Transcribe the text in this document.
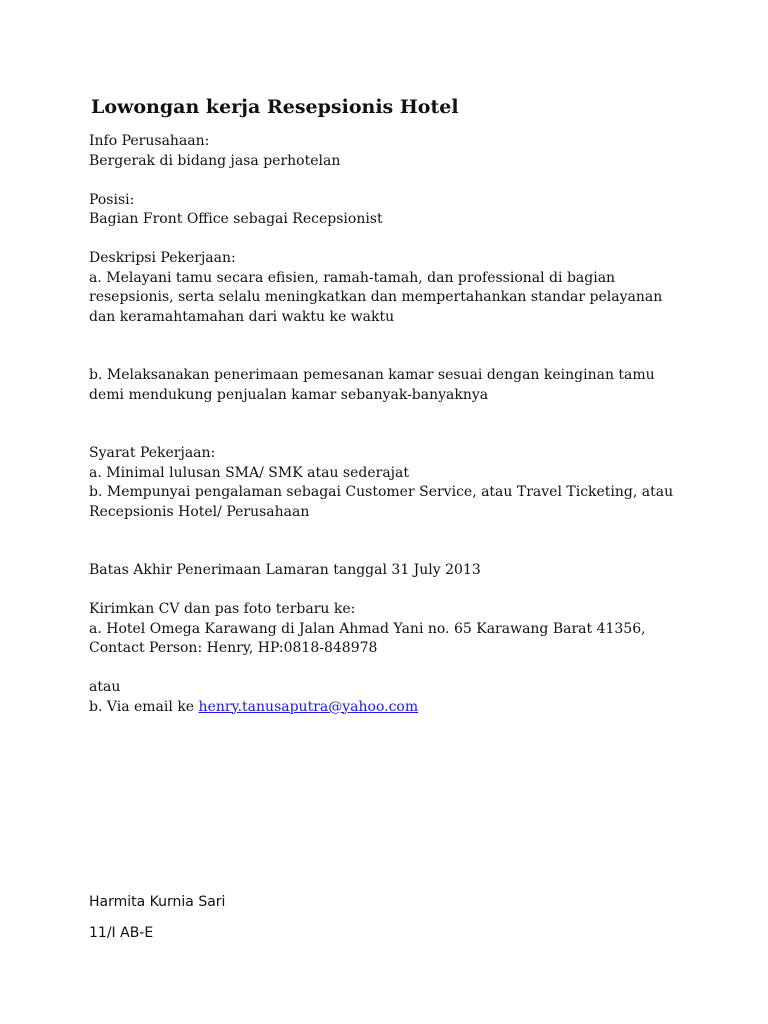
Lowongan kerja Resepsionis Hotel
Info Perusahaan:
Bergerak di bidang jasa perhotelan
Posisi:
Bagian Front Office sebagai Recepsionist
Deskripsi Pekerjaan:
a. Melayani tamu secara efisien, ramah-tamah, dan professional di bagian resepsionis, serta selalu meningkatkan dan mempertahankan standar pelayanan dan keramahtamahan dari waktu ke waktu
b. Melaksanakan penerimaan pemesanan kamar sesuai dengan keinginan tamu demi mendukung penjualan kamar sebanyak-banyaknya
Syarat Pekerjaan:
a. Minimal lulusan SMA/ SMK atau sederajat
b. Mempunyai pengalaman sebagai Customer Service, atau Travel Ticketing, atau Recepsionis Hotel/ Perusahaan
Batas Akhir Penerimaan Lamaran tanggal 31 July 2013
Kirimkan CV dan pas foto terbaru ke:
a. Hotel Omega Karawang di Jalan Ahmad Yani no. 65 Karawang Barat 41356, Contact Person: Henry, HP:0818-848978
atau
b. Via email ke henry.tanusaputra@yahoo.com
Harmita Kurnia Sari
11/I AB-E
